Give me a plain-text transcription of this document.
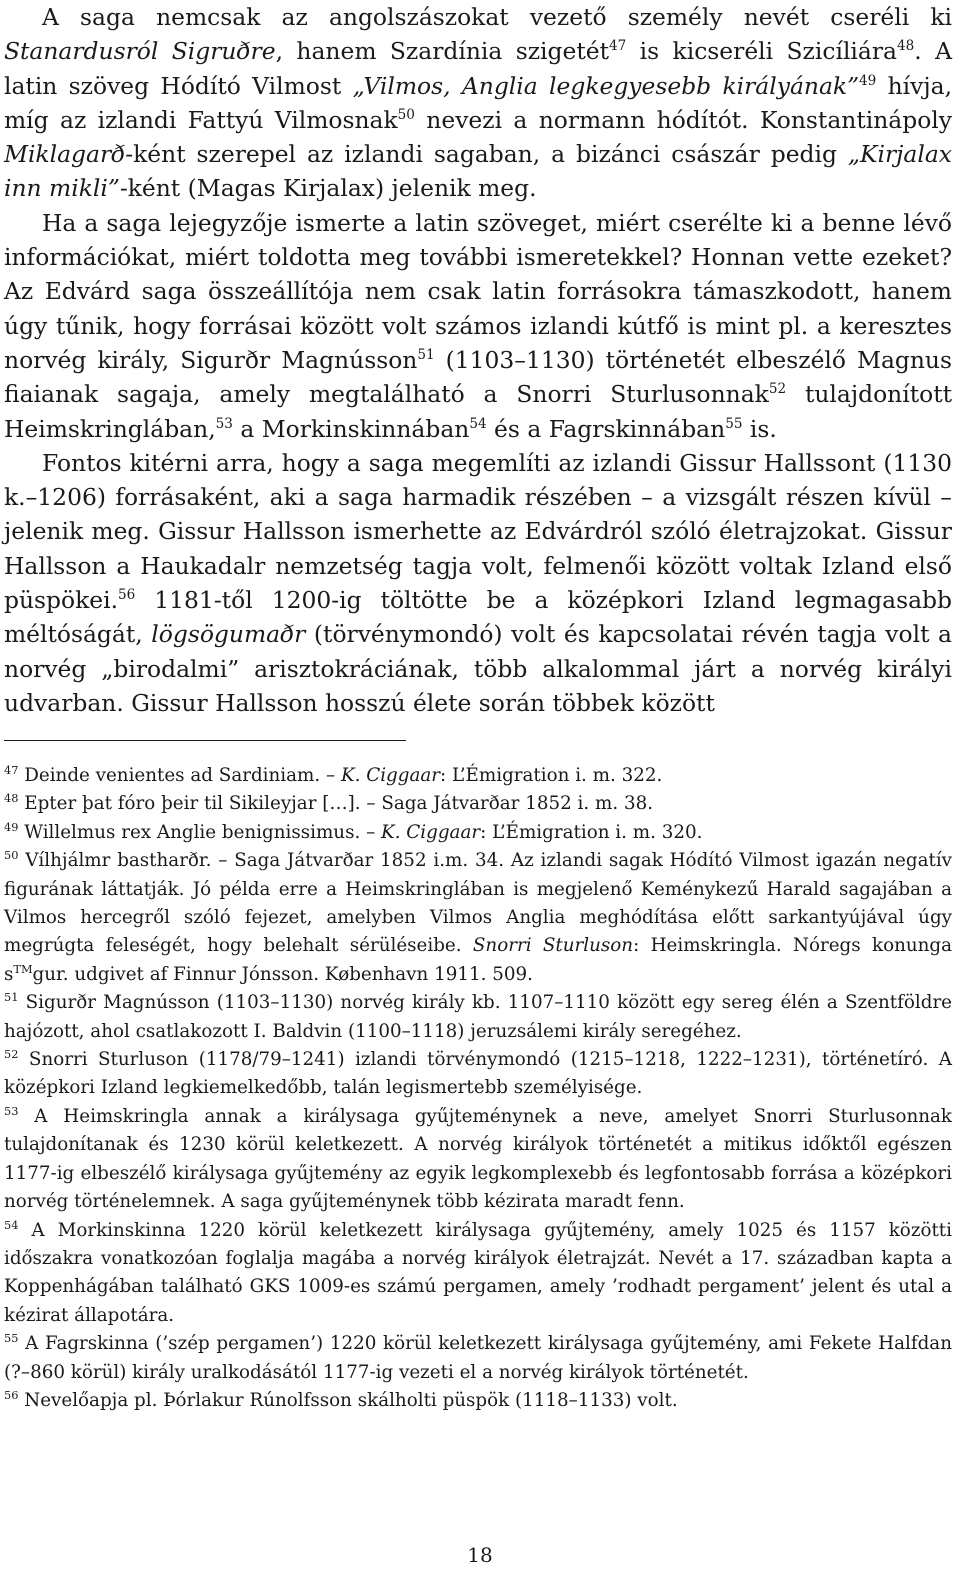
A saga nemcsak az angolszászokat vezető személy nevét cseréli ki Stanardusról Sigruðre, hanem Szardínia szigetét$^{47}$ is kicseréli Szicíliára$^{48}$. A latin szöveg Hódító Vilmost „Vilmos, Anglia legkegyesebb királyának”$^{49}$ hívja, míg az izlandi Fattyú Vilmosnak$^{50}$ nevezi a normann hódítót. Konstantinápoly Miklagarð-ként szerepel az izlandi sagaban, a bizánci császár pedig „Kirjalax inn mikli”-ként (Magas Kirjalax) jelenik meg.

Ha a saga lejegyzője ismerte a latin szöveget, miért cserélte ki a benne lévő információkat, miért toldotta meg további ismeretekkel? Honnan vette ezeket? Az Edvárd saga összeállítója nem csak latin forrásokra támaszkodott, hanem úgy tűnik, hogy forrásai között volt számos izlandi kútfő is mint pl. a keresztes norvég király, Sigurðr Magnússon$^{51}$ (1103–1130) történetét elbeszélő Magnus fiaianak sagaja, amely megtalálható a Snorri Sturlusonnak$^{52}$ tulajdonított Heimskringlában,$^{53}$ a Morkinskinnában$^{54}$ és a Fagrskinnában$^{55}$ is.

Fontos kitérni arra, hogy a saga megemlíti az izlandi Gissur Hallssont (1130 k.–1206) forrásaként, aki a saga harmadik részében – a vizsgált részen kívül – jelenik meg. Gissur Hallsson ismerhette az Edvárdról szóló életrajzokat. Gissur Hallsson a Haukadalr nemzetség tagja volt, felmenői között voltak Izland első püspökei.$^{56}$ 1181-től 1200-ig töltötte be a középkori Izland legmagasabb méltóságát, lögsögumaðr (törvénymondó) volt és kapcsolatai révén tagja volt a norvég „birodalmi” arisztokráciának, több alkalommal járt a norvég királyi udvarban. Gissur Hallsson hosszú élete során többek között

$^{47}$ Deinde venientes ad Sardiniam. – K. Ciggaar: L’Émigration i. m. 322.

$^{48}$ Epter þat fóro þeir til Sikileyjar […]. – Saga Játvarðar 1852 i. m. 38.

$^{49}$ Willelmus rex Anglie benignissimus. – K. Ciggaar: L’Émigration i. m. 320.

$^{50}$ Vílhjálmr bastharðr. – Saga Játvarðar 1852 i.m. 34. Az izlandi sagak Hódító Vilmost igazán negatív figurának láttatják. Jó példa erre a Heimskringlában is megjelenő Keménykezű Harald sagajában a Vilmos hercegről szóló fejezet, amelyben Vilmos Anglia meghódítása előtt sarkantyújával úgy megrúgta feleségét, hogy belehalt sérüléseibe. Snorri Sturluson: Heimskringla. Nóregs konunga s™gur. udgivet af Finnur Jónsson. København 1911. 509.

$^{51}$ Sigurðr Magnússon (1103–1130) norvég király kb. 1107–1110 között egy sereg élén a Szentföldre hajózott, ahol csatlakozott I. Baldvin (1100–1118) jeruzsálemi király seregéhez.

$^{52}$ Snorri Sturluson (1178/79–1241) izlandi törvénymondó (1215–1218, 1222–1231), történetíró. A középkori Izland legkiemelkedőbb, talán legismertebb személyisége.

$^{53}$ A Heimskringla annak a királysaga gyűjteménynek a neve, amelyet Snorri Sturlusonnak tulajdonítanak és 1230 körül keletkezett. A norvég királyok történetét a mitikus időktől egészen 1177-ig elbeszélő királysaga gyűjtemény az egyik legkomplexebb és legfontosabb forrása a középkori norvég történelemnek. A saga gyűjteménynek több kézirata maradt fenn.

$^{54}$ A Morkinskinna 1220 körül keletkezett királysaga gyűjtemény, amely 1025 és 1157 közötti időszakra vonatkozóan foglalja magába a norvég királyok életrajzát. Nevét a 17. században kapta a Koppenhágában található GKS 1009-es számú pergamen, amely ’rodhadt pergament’ jelent és utal a kézirat állapotára.

$^{55}$ A Fagrskinna (’szép pergamen’) 1220 körül keletkezett királysaga gyűjtemény, ami Fekete Halfdan (?–860 körül) király uralkodásától 1177-ig vezeti el a norvég királyok történetét.

$^{56}$ Nevelőapja pl. Þórlakur Rúnolfsson skálholti püspök (1118–1133) volt.

18
